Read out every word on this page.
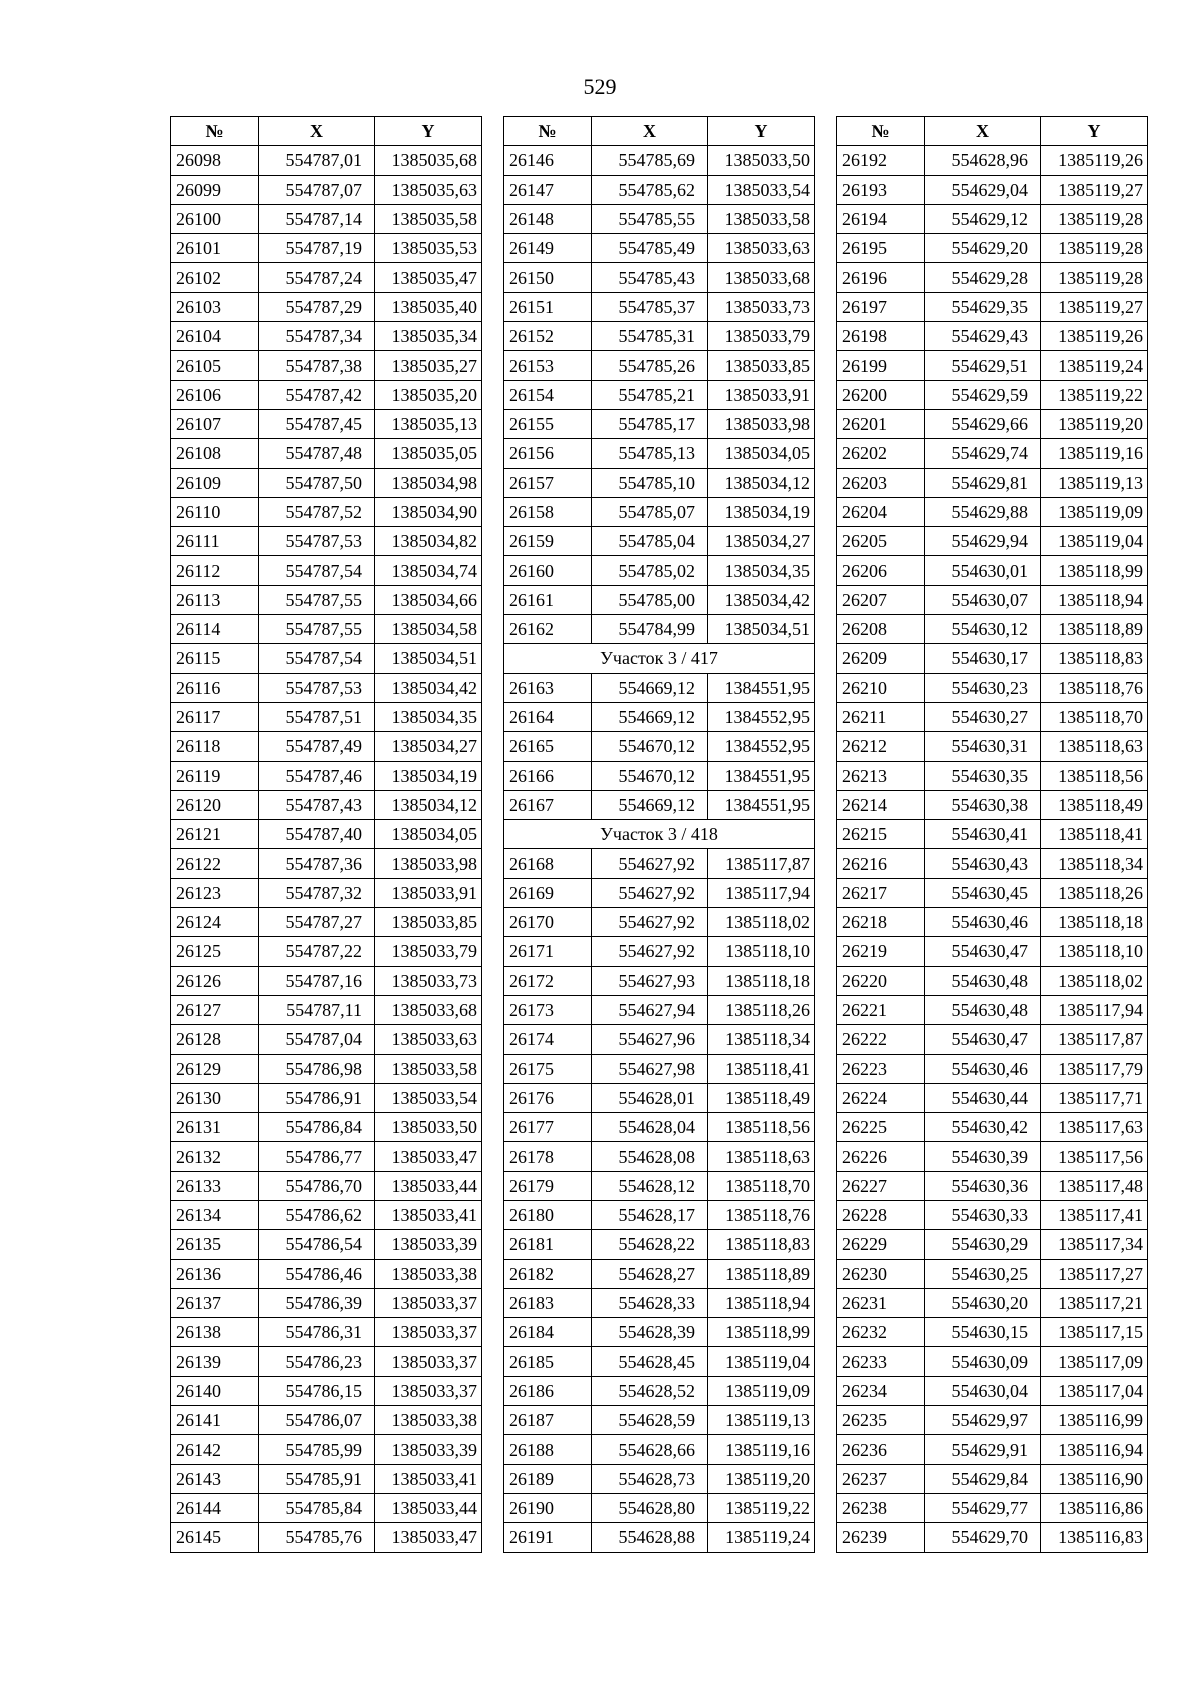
529
№	X	Y
26098	554787,01	1385035,68
26099	554787,07	1385035,63
26100	554787,14	1385035,58
26101	554787,19	1385035,53
26102	554787,24	1385035,47
26103	554787,29	1385035,40
26104	554787,34	1385035,34
26105	554787,38	1385035,27
26106	554787,42	1385035,20
26107	554787,45	1385035,13
26108	554787,48	1385035,05
26109	554787,50	1385034,98
26110	554787,52	1385034,90
26111	554787,53	1385034,82
26112	554787,54	1385034,74
26113	554787,55	1385034,66
26114	554787,55	1385034,58
26115	554787,54	1385034,51
26116	554787,53	1385034,42
26117	554787,51	1385034,35
26118	554787,49	1385034,27
26119	554787,46	1385034,19
26120	554787,43	1385034,12
26121	554787,40	1385034,05
26122	554787,36	1385033,98
26123	554787,32	1385033,91
26124	554787,27	1385033,85
26125	554787,22	1385033,79
26126	554787,16	1385033,73
26127	554787,11	1385033,68
26128	554787,04	1385033,63
26129	554786,98	1385033,58
26130	554786,91	1385033,54
26131	554786,84	1385033,50
26132	554786,77	1385033,47
26133	554786,70	1385033,44
26134	554786,62	1385033,41
26135	554786,54	1385033,39
26136	554786,46	1385033,38
26137	554786,39	1385033,37
26138	554786,31	1385033,37
26139	554786,23	1385033,37
26140	554786,15	1385033,37
26141	554786,07	1385033,38
26142	554785,99	1385033,39
26143	554785,91	1385033,41
26144	554785,84	1385033,44
26145	554785,76	1385033,47
№	X	Y
26146	554785,69	1385033,50
26147	554785,62	1385033,54
26148	554785,55	1385033,58
26149	554785,49	1385033,63
26150	554785,43	1385033,68
26151	554785,37	1385033,73
26152	554785,31	1385033,79
26153	554785,26	1385033,85
26154	554785,21	1385033,91
26155	554785,17	1385033,98
26156	554785,13	1385034,05
26157	554785,10	1385034,12
26158	554785,07	1385034,19
26159	554785,04	1385034,27
26160	554785,02	1385034,35
26161	554785,00	1385034,42
26162	554784,99	1385034,51
Участок 3 / 417		
26163	554669,12	1384551,95
26164	554669,12	1384552,95
26165	554670,12	1384552,95
26166	554670,12	1384551,95
26167	554669,12	1384551,95
Участок 3 / 418		
26168	554627,92	1385117,87
26169	554627,92	1385117,94
26170	554627,92	1385118,02
26171	554627,92	1385118,10
26172	554627,93	1385118,18
26173	554627,94	1385118,26
26174	554627,96	1385118,34
26175	554627,98	1385118,41
26176	554628,01	1385118,49
26177	554628,04	1385118,56
26178	554628,08	1385118,63
26179	554628,12	1385118,70
26180	554628,17	1385118,76
26181	554628,22	1385118,83
26182	554628,27	1385118,89
26183	554628,33	1385118,94
26184	554628,39	1385118,99
26185	554628,45	1385119,04
26186	554628,52	1385119,09
26187	554628,59	1385119,13
26188	554628,66	1385119,16
26189	554628,73	1385119,20
26190	554628,80	1385119,22
26191	554628,88	1385119,24
№	X	Y
26192	554628,96	1385119,26
26193	554629,04	1385119,27
26194	554629,12	1385119,28
26195	554629,20	1385119,28
26196	554629,28	1385119,28
26197	554629,35	1385119,27
26198	554629,43	1385119,26
26199	554629,51	1385119,24
26200	554629,59	1385119,22
26201	554629,66	1385119,20
26202	554629,74	1385119,16
26203	554629,81	1385119,13
26204	554629,88	1385119,09
26205	554629,94	1385119,04
26206	554630,01	1385118,99
26207	554630,07	1385118,94
26208	554630,12	1385118,89
26209	554630,17	1385118,83
26210	554630,23	1385118,76
26211	554630,27	1385118,70
26212	554630,31	1385118,63
26213	554630,35	1385118,56
26214	554630,38	1385118,49
26215	554630,41	1385118,41
26216	554630,43	1385118,34
26217	554630,45	1385118,26
26218	554630,46	1385118,18
26219	554630,47	1385118,10
26220	554630,48	1385118,02
26221	554630,48	1385117,94
26222	554630,47	1385117,87
26223	554630,46	1385117,79
26224	554630,44	1385117,71
26225	554630,42	1385117,63
26226	554630,39	1385117,56
26227	554630,36	1385117,48
26228	554630,33	1385117,41
26229	554630,29	1385117,34
26230	554630,25	1385117,27
26231	554630,20	1385117,21
26232	554630,15	1385117,15
26233	554630,09	1385117,09
26234	554630,04	1385117,04
26235	554629,97	1385116,99
26236	554629,91	1385116,94
26237	554629,84	1385116,90
26238	554629,77	1385116,86
26239	554629,70	1385116,83
